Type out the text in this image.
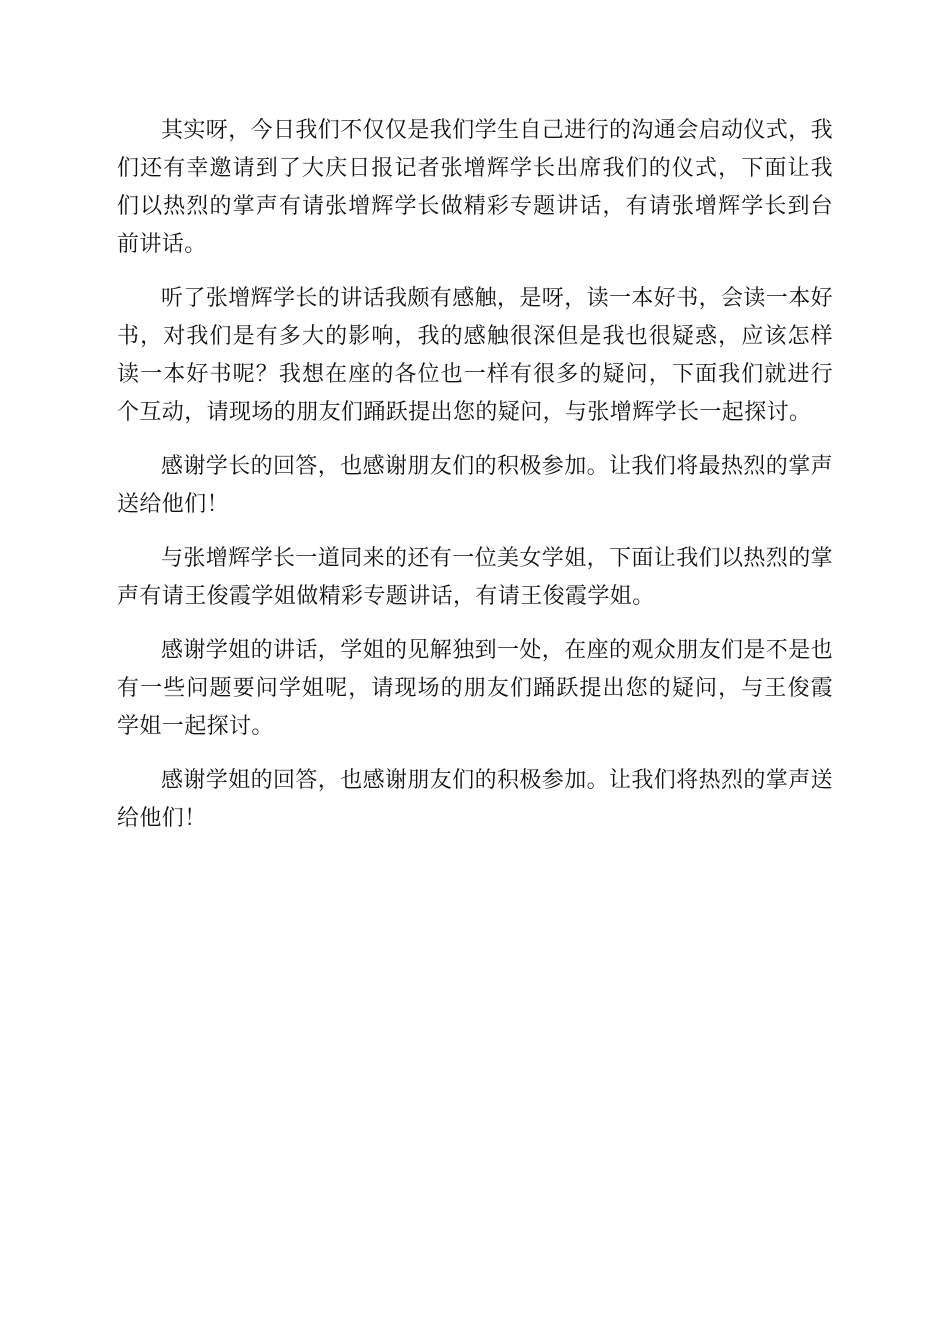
其实呀，今日我们不仅仅是我们学生自己进行的沟通会启动仪式，我们还有幸邀请到了大庆日报记者张增辉学长出席我们的仪式，下面让我们以热烈的掌声有请张增辉学长做精彩专题讲话，有请张增辉学长到台前讲话。

听了张增辉学长的讲话我颇有感触，是呀，读一本好书，会读一本好书，对我们是有多大的影响，我的感触很深但是我也很疑惑，应该怎样读一本好书呢？我想在座的各位也一样有很多的疑问，下面我们就进行个互动，请现场的朋友们踊跃提出您的疑问，与张增辉学长一起探讨。

感谢学长的回答，也感谢朋友们的积极参加。让我们将最热烈的掌声送给他们！

与张增辉学长一道同来的还有一位美女学姐，下面让我们以热烈的掌声有请王俊霞学姐做精彩专题讲话，有请王俊霞学姐。

感谢学姐的讲话，学姐的见解独到一处，在座的观众朋友们是不是也有一些问题要问学姐呢，请现场的朋友们踊跃提出您的疑问，与王俊霞学姐一起探讨。

感谢学姐的回答，也感谢朋友们的积极参加。让我们将热烈的掌声送给他们！
